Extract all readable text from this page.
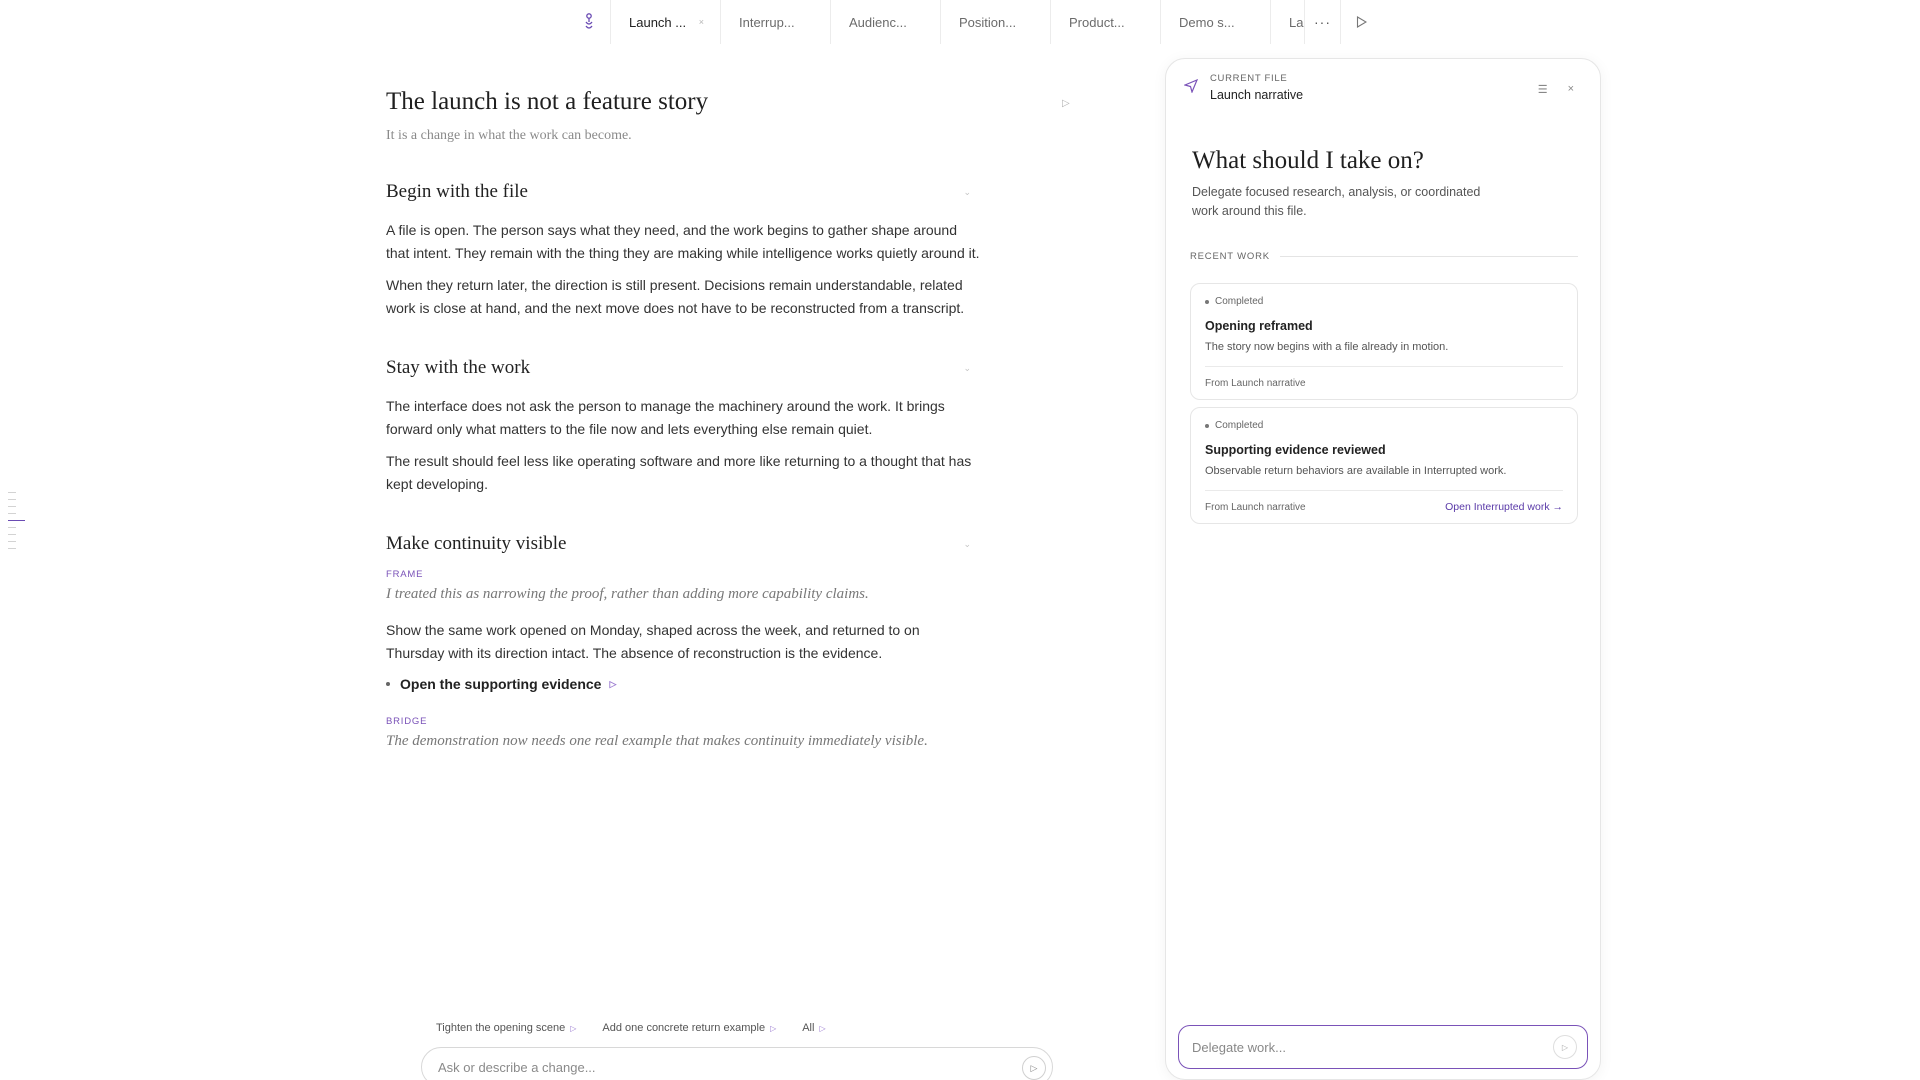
Launch ... ×	Interrup...	Audienc...	Position...	Product...	Demo s...	La ···
The launch is not a feature story	▷
It is a change in what the work can become.
Begin with the file	⌄

A file is open. The person says what they need, and the work begins to gather shape around that intent. They remain with the thing they are making while intelligence works quietly around it.

When they return later, the direction is still present. Decisions remain understandable, related work is close at hand, and the next move does not have to be reconstructed from a transcript.

Stay with the work	⌄

The interface does not ask the person to manage the machinery around the work. It brings forward only what matters to the file now and lets everything else remain quiet.

The result should feel less like operating software and more like returning to a thought that has kept developing.

Make continuity visible	⌄
FRAME
I treated this as narrowing the proof, rather than adding more capability claims.

Show the same work opened on Monday, shaped across the week, and returned to on Thursday with its direction intact. The absence of reconstruction is the evidence.

Open the supporting evidence ▷
BRIDGE
The demonstration now needs one real example that makes continuity immediately visible.
Tighten the opening scene ▷ Add one concrete return example ▷ All ▷
Ask or describe a change...	▷
CURRENT FILE
Launch narrative	☰ ×
What should I take on?
Delegate focused research, analysis, or coordinated work around this file.
RECENT WORK
Completed
Opening reframed
The story now begins with a file already in motion.
From Launch narrative
Completed
Supporting evidence reviewed
Observable return behaviors are available in Interrupted work.
From Launch narrative	Open Interrupted work →
Delegate work...	▷
